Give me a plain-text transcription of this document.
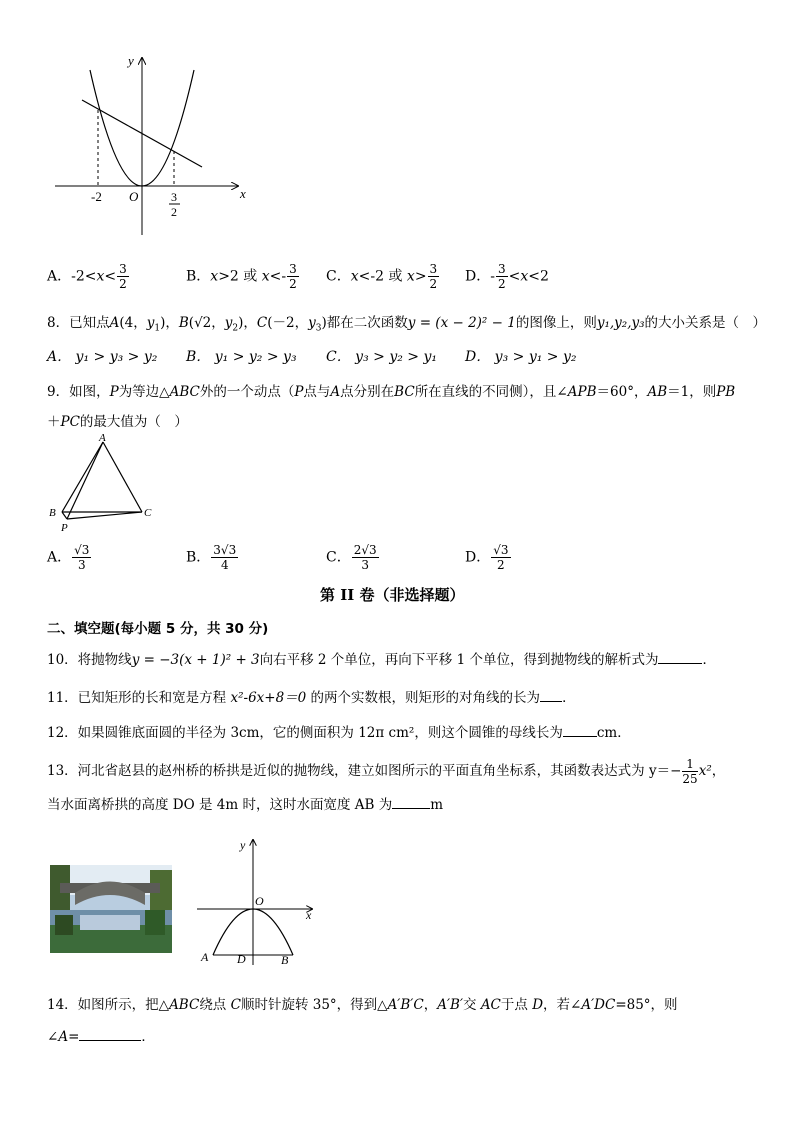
y
x
O
-2	3
2
A．$-2<x< \frac{3}{2}$	B．x>2 或 $x<- \frac{3}{2}$ C．x<-2 或 $x> \frac{3}{2}$ D．- $\frac{3}{2} <x<2$
8．已知点A(4，$y_1$)，B(√2，$y_2$)，C(－2，$y_3$)都在二次函数y = (x − 2)² − 1的图像上，则y₁,y₂,y₃的大小关系是（　）
A． y₁ > y₃ > y₂ B． y₁ > y₂ > y₃ C． y₃ > y₂ > y₁ D． y₃ > y₁ > y₂
9．如图，P为等边△ABC外的一个动点（P点与A点分别在BC所在直线的不同侧），且∠APB＝60°，AB＝1，则PB
＋PC的最大值为（　）
A
B	C
P
A． $\frac{√3}{3}$	B． $\frac{3√3}{4}$	C． $\frac{2√3}{3}$	D． $\frac{√3}{2}$
第 II 卷（非选择题）
二、填空题(每小题 5 分，共 30 分)
10．将抛物线y = −3(x + 1)² + 3向右平移 2 个单位，再向下平移 1 个单位，得到抛物线的解析式为	．
11．已知矩形的长和宽是方程 x²-6x+8＝0 的两个实数根，则矩形的对角线的长为 ．
12．如果圆锥底面圆的半径为 3cm，它的侧面积为 12π cm²，则这个圆锥的母线长为	cm．
13．河北省赵县的赵州桥的桥拱是近似的抛物线，建立如图所示的平面直角坐标系，其函数表达式为 $y=- \frac{1}{25} x^2$，
当水面离桥拱的高度 DO 是 4m 时，这时水面宽度 AB 为	m
y
x
O
A D	B
14．如图所示，把△ABC绕点 C顺时针旋转 35°，得到△A′B′C，A′B′交 AC于点 D，若∠A′DC=85°，则
∠A=	．
